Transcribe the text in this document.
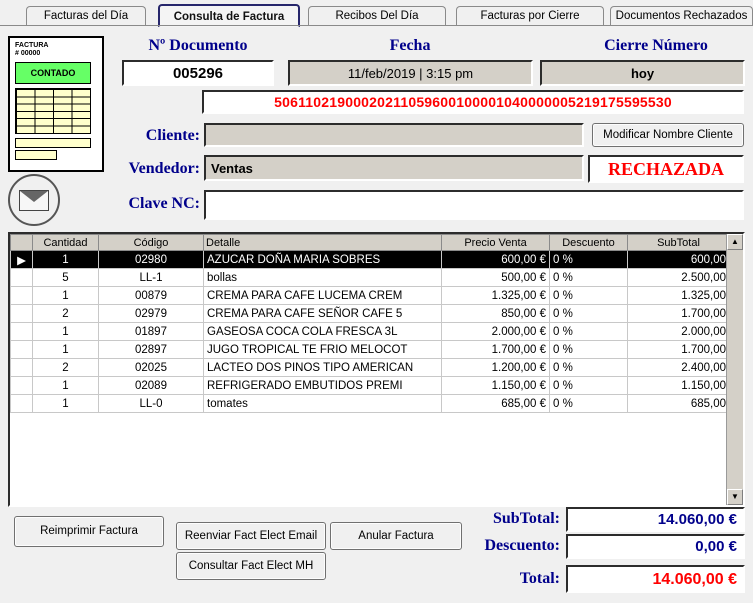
Facturas del Día	Consulta de Factura	Recibos Del Día	Facturas por Cierre	Documentos Rechazados
FACTURA
# 00000
CONTADO
Nº Documento
005296
Fecha
11/feb/2019 | 3:15 pm
Cierre Número
hoy
50611021900020211059600100001040000005219175595530
Cliente:	Modificar Nombre Cliente
Vendedor: Ventas	RECHAZADA
Clave NC:
	Cantidad	Código	Detalle	Precio Venta	Descuento	SubTotal
▶	1	02980	AZUCAR DOÑA MARIA SOBRES	600,00 €	0 %	600,00
	5	LL-1	bollas	500,00 €	0 %	2.500,00
	1	00879	CREMA PARA CAFE LUCEMA CREM	1.325,00 €	0 %	1.325,00
	2	02979	CREMA PARA CAFE SEÑOR CAFE 5	850,00 €	0 %	1.700,00
	1	01897	GASEOSA COCA COLA FRESCA 3L	2.000,00 €	0 %	2.000,00
	1	02897	JUGO TROPICAL TE FRIO MELOCOT	1.700,00 €	0 %	1.700,00
	2	02025	LACTEO DOS PINOS TIPO AMERICAN	1.200,00 €	0 %	2.400,00
	1	02089	REFRIGERADO EMBUTIDOS PREMI	1.150,00 €	0 %	1.150,00
	1	LL-0	tomates	685,00 €	0 %	685,00
▲
▼
Reimprimir Factura	Reenviar Fact Elect Email	Anular Factura
Consultar Fact Elect MH
SubTotal:	14.060,00 €
Descuento:	0,00 €
Total:	14.060,00 €
